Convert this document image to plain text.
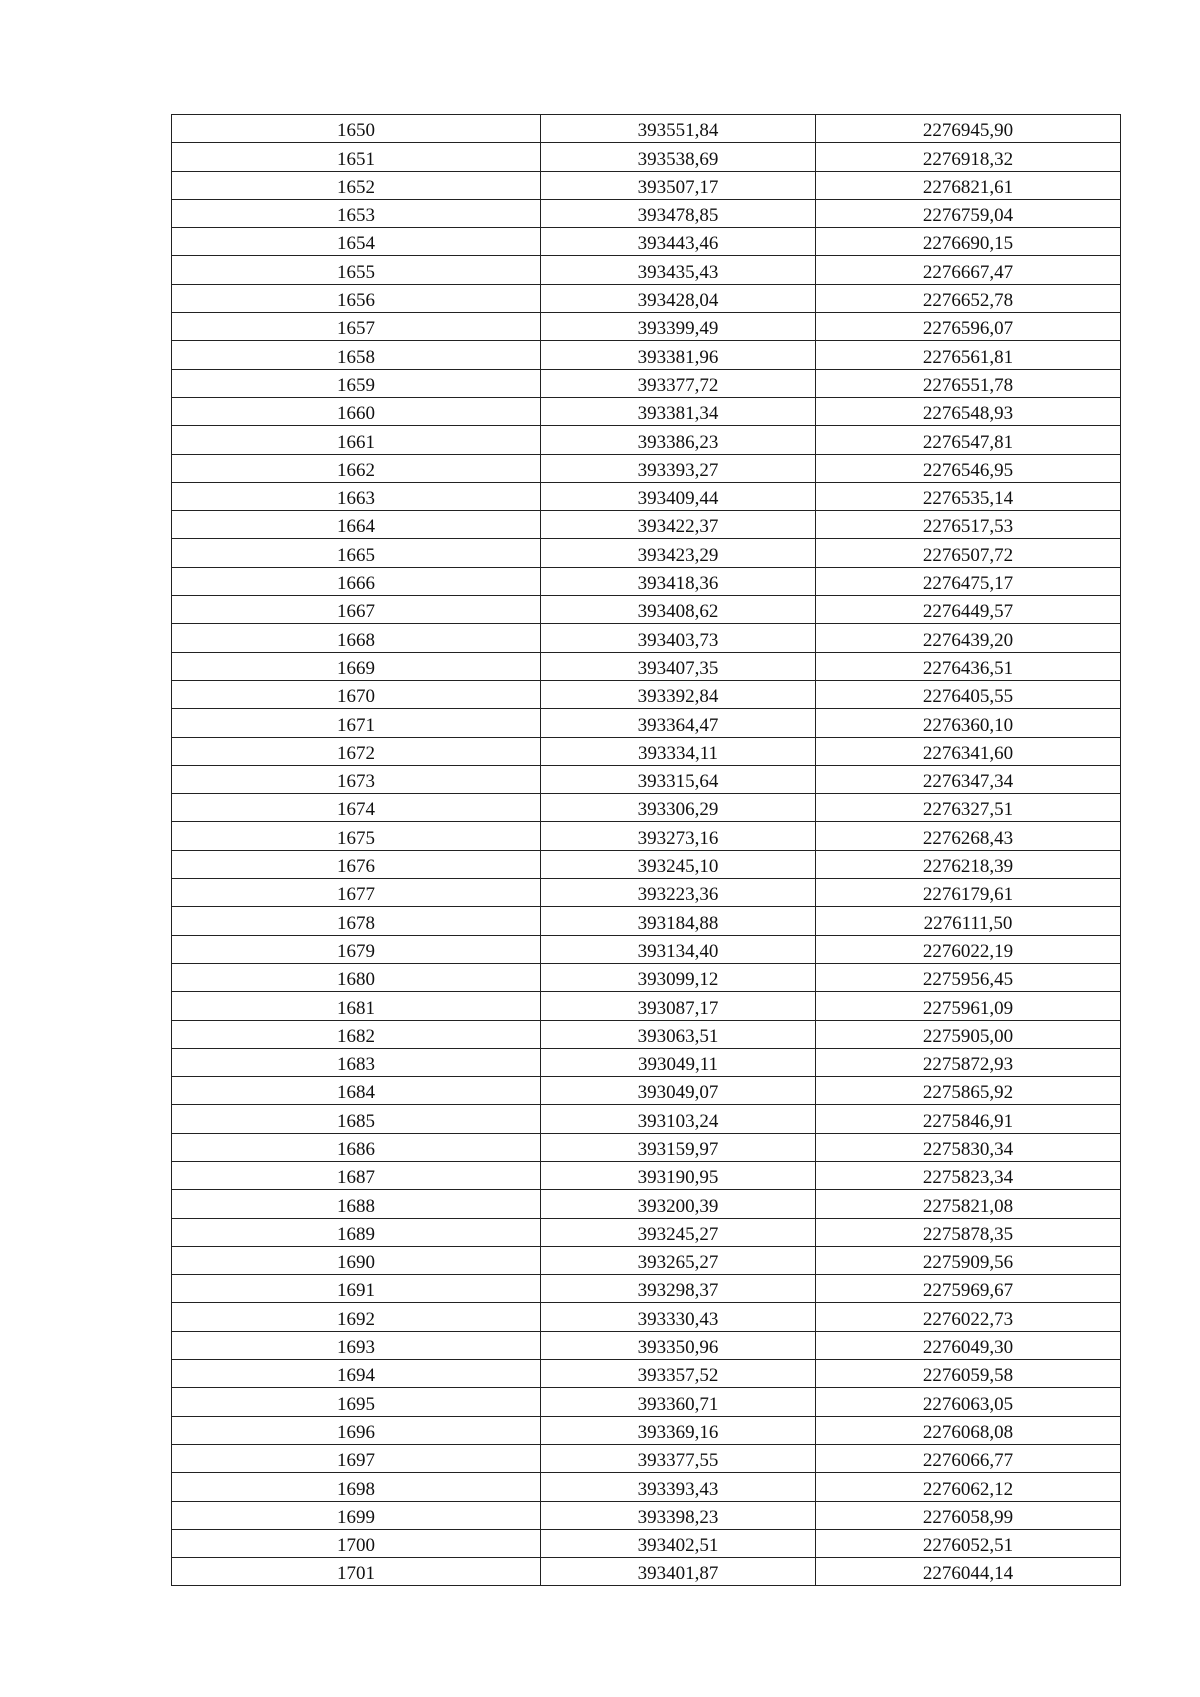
1650	393551,84	2276945,90
1651	393538,69	2276918,32
1652	393507,17	2276821,61
1653	393478,85	2276759,04
1654	393443,46	2276690,15
1655	393435,43	2276667,47
1656	393428,04	2276652,78
1657	393399,49	2276596,07
1658	393381,96	2276561,81
1659	393377,72	2276551,78
1660	393381,34	2276548,93
1661	393386,23	2276547,81
1662	393393,27	2276546,95
1663	393409,44	2276535,14
1664	393422,37	2276517,53
1665	393423,29	2276507,72
1666	393418,36	2276475,17
1667	393408,62	2276449,57
1668	393403,73	2276439,20
1669	393407,35	2276436,51
1670	393392,84	2276405,55
1671	393364,47	2276360,10
1672	393334,11	2276341,60
1673	393315,64	2276347,34
1674	393306,29	2276327,51
1675	393273,16	2276268,43
1676	393245,10	2276218,39
1677	393223,36	2276179,61
1678	393184,88	2276111,50
1679	393134,40	2276022,19
1680	393099,12	2275956,45
1681	393087,17	2275961,09
1682	393063,51	2275905,00
1683	393049,11	2275872,93
1684	393049,07	2275865,92
1685	393103,24	2275846,91
1686	393159,97	2275830,34
1687	393190,95	2275823,34
1688	393200,39	2275821,08
1689	393245,27	2275878,35
1690	393265,27	2275909,56
1691	393298,37	2275969,67
1692	393330,43	2276022,73
1693	393350,96	2276049,30
1694	393357,52	2276059,58
1695	393360,71	2276063,05
1696	393369,16	2276068,08
1697	393377,55	2276066,77
1698	393393,43	2276062,12
1699	393398,23	2276058,99
1700	393402,51	2276052,51
1701	393401,87	2276044,14
